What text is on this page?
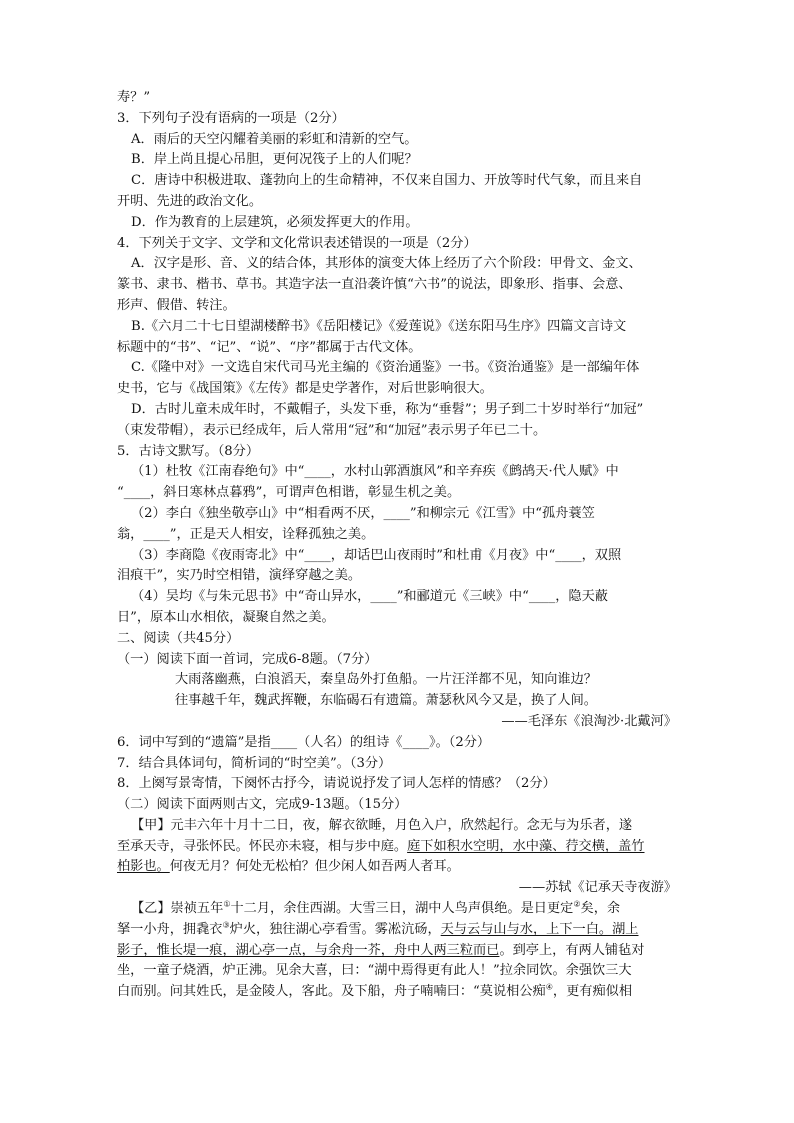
寿？”
3．下列句子没有语病的一项是（2分）
A．雨后的天空闪耀着美丽的彩虹和清新的空气。
B．岸上尚且提心吊胆，更何况筏子上的人们呢？
C．唐诗中积极进取、蓬勃向上的生命精神，不仅来自国力、开放等时代气象，而且来自
开明、先进的政治文化。
D．作为教育的上层建筑，必须发挥更大的作用。
4．下列关于文字、文学和文化常识表述错误的一项是（2分）
A．汉字是形、音、义的结合体，其形体的演变大体上经历了六个阶段：甲骨文、金文、
篆书、隶书、楷书、草书。其造字法一直沿袭许慎“六书”的说法，即象形、指事、会意、
形声、假借、转注。
B.《六月二十七日望湖楼醉书》《岳阳楼记》《爱莲说》《送东阳马生序》四篇文言诗文
标题中的“书”、“记”、“说”、“序”都属于古代文体。
C.《隆中对》一文选自宋代司马光主编的《资治通鉴》一书。《资治通鉴》是一部编年体
史书，它与《战国策》《左传》都是史学著作，对后世影响很大。
D．古时儿童未成年时，不戴帽子，头发下垂，称为“垂髫”；男子到二十岁时举行“加冠”
（束发带帽），表示已经成年，后人常用“冠”和“加冠”表示男子年已二十。
5．古诗文默写。（8分）
（1）杜牧《江南春绝句》中“____，水村山郭酒旗风”和辛弃疾《鹧鸪天·代人赋》中
“____，斜日寒林点暮鸦”，可谓声色相谐，彰显生机之美。
（2）李白《独坐敬亭山》中“相看两不厌，____”和柳宗元《江雪》中“孤舟蓑笠
翁，____”，正是天人相安，诠释孤独之美。
（3）李商隐《夜雨寄北》中“____，却话巴山夜雨时”和杜甫《月夜》中“____，双照
泪痕干”，实乃时空相错，演绎穿越之美。
（4）吴均《与朱元思书》中“奇山异水，____”和郦道元《三峡》中“____，隐天蔽
日”，原本山水相依，凝聚自然之美。
二、阅读（共45分）
（一）阅读下面一首词，完成6-8题。（7分）
大雨落幽燕，白浪滔天，秦皇岛外打鱼船。一片汪洋都不见，知向谁边？
往事越千年，魏武挥鞭，东临碣石有遗篇。萧瑟秋风今又是，换了人间。
——毛泽东《浪淘沙·北戴河》
6．词中写到的“遗篇”是指____（人名）的组诗《____》。（2分）
7．结合具体词句，简析词的“时空美”。（3分）
8．上阕写景寄情，下阕怀古抒今，请说说抒发了词人怎样的情感？（2分）
（二）阅读下面两则古文，完成9-13题。（15分）
【甲】元丰六年十月十二日，夜，解衣欲睡，月色入户，欣然起行。念无与为乐者，遂
至承天寺，寻张怀民。怀民亦未寝，相与步中庭。庭下如积水空明，水中藻、荇交横，盖竹
柏影也。何夜无月？何处无松柏？但少闲人如吾两人者耳。
——苏轼《记承天寺夜游》
【乙】崇祯五年①十二月，余住西湖。大雪三日，湖中人鸟声俱绝。是日更定②矣，余
拏一小舟，拥毳衣③炉火，独往湖心亭看雪。雾凇沆砀，天与云与山与水，上下一白。湖上
影子，惟长堤一痕，湖心亭一点，与余舟一芥，舟中人两三粒而已。到亭上，有两人铺毡对
坐，一童子烧酒，炉正沸。见余大喜，曰：“湖中焉得更有此人！”拉余同饮。余强饮三大
白而别。问其姓氏，是金陵人，客此。及下船，舟子喃喃曰：“莫说相公痴④，更有痴似相
